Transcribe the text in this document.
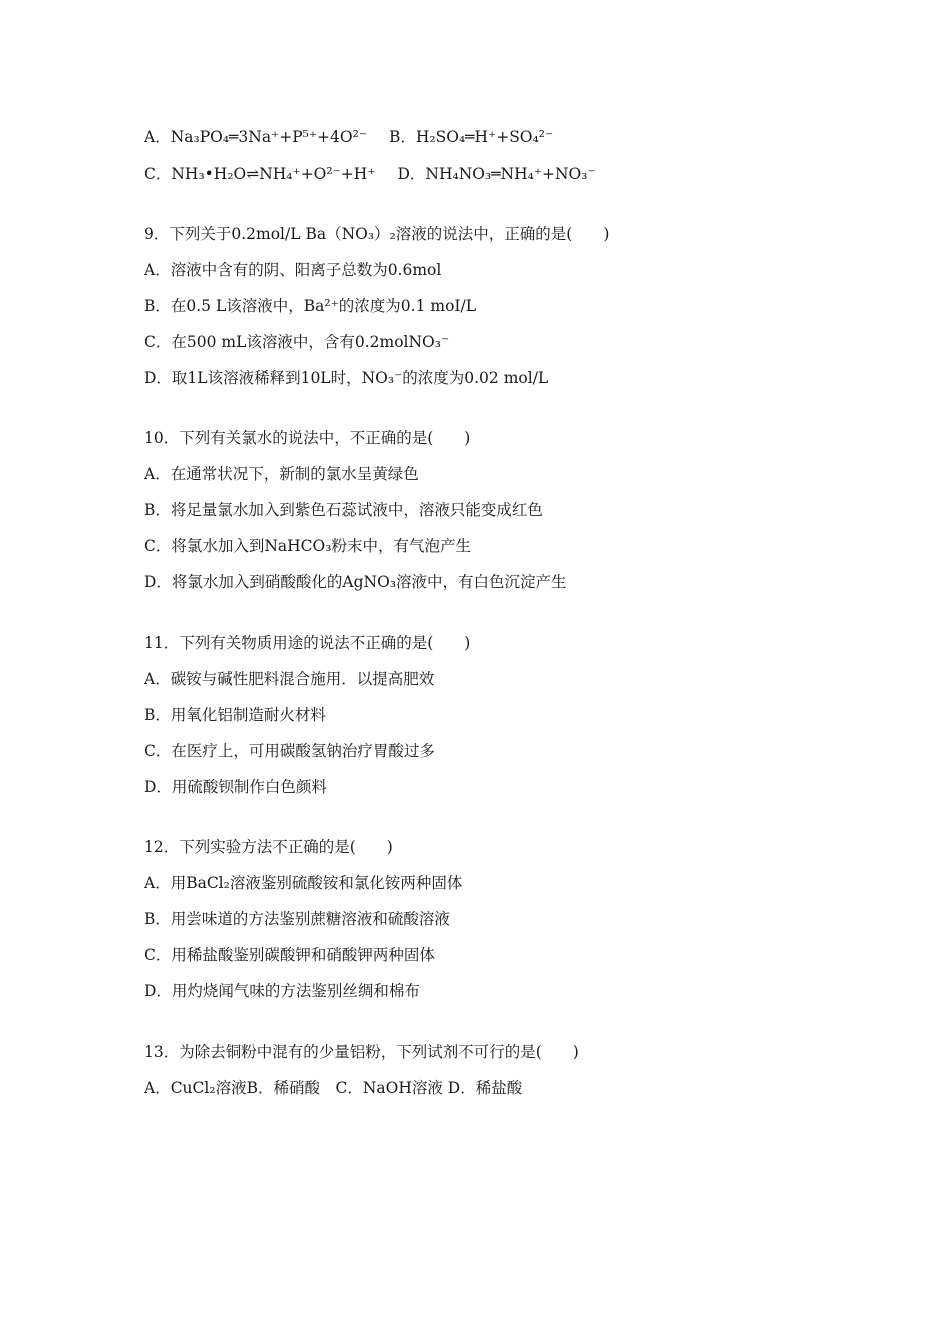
A．Na₃PO₄═3Na⁺+P⁵⁺+4O²⁻ B．H₂SO₄═H⁺+SO₄²⁻
C．NH₃•H₂O⇌NH₄⁺+O²⁻+H⁺ D．NH₄NO₃═NH₄⁺+NO₃⁻
9．下列关于0.2mol/L Ba（NO₃）₂溶液的说法中，正确的是(　　)
A．溶液中含有的阴、阳离子总数为0.6mol
B．在0.5 L该溶液中，Ba²⁺的浓度为0.1 moI/L
C．在500 mL该溶液中，含有0.2molNO₃⁻
D．取1L该溶液稀释到10L时，NO₃⁻的浓度为0.02 mol/L
10．下列有关氯水的说法中，不正确的是(　　)
A．在通常状况下，新制的氯水呈黄绿色
B．将足量氯水加入到紫色石蕊试液中，溶液只能变成红色
C．将氯水加入到NaHCO₃粉末中，有气泡产生
D．将氯水加入到硝酸酸化的AgNO₃溶液中，有白色沉淀产生
11．下列有关物质用途的说法不正确的是(　　)
A．碳铵与碱性肥料混合施用．以提高肥效
B．用氧化铝制造耐火材料
C．在医疗上，可用碳酸氢钠治疗胃酸过多
D．用硫酸钡制作白色颜料
12．下列实验方法不正确的是(　　)
A．用BaCl₂溶液鉴别硫酸铵和氯化铵两种固体
B．用尝味道的方法鉴别蔗糖溶液和硫酸溶液
C．用稀盐酸鉴别碳酸钾和硝酸钾两种固体
D．用灼烧闻气味的方法鉴别丝绸和棉布
13．为除去铜粉中混有的少量铝粉，下列试剂不可行的是(　　)
A．CuCl₂溶液B．稀硝酸　C．NaOH溶液 D．稀盐酸
